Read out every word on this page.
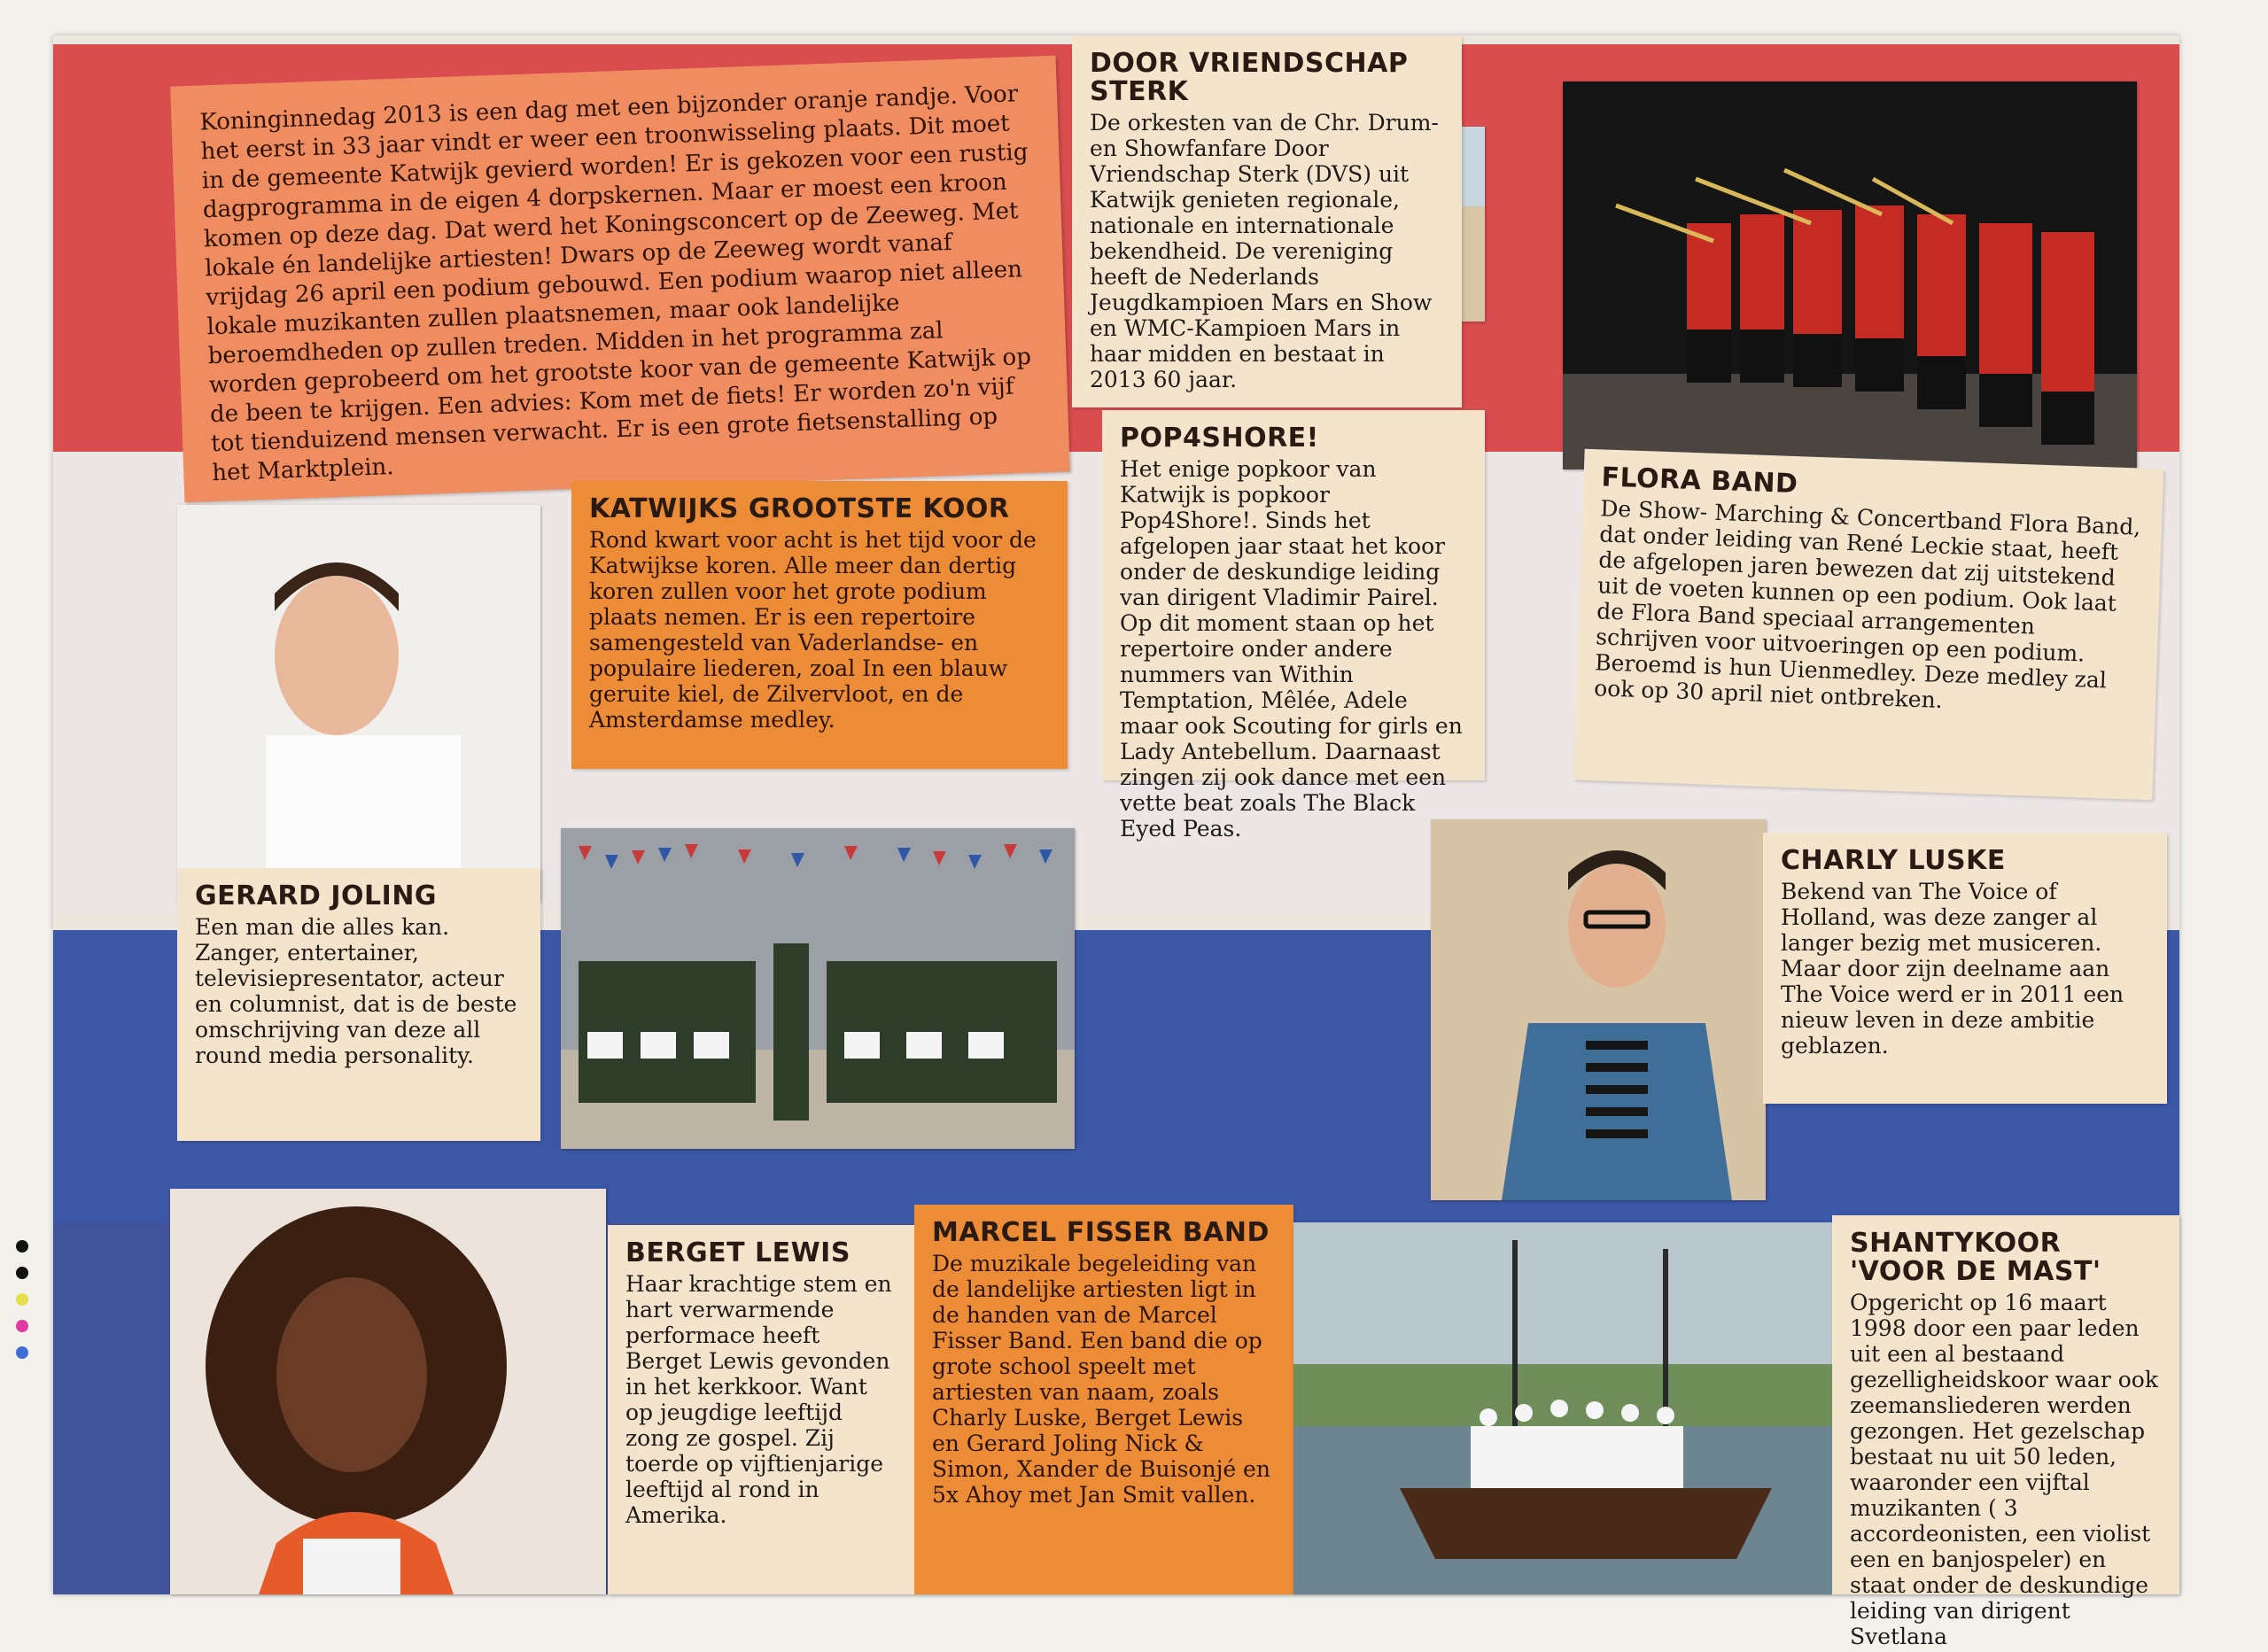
Koninginnedag 2013 is een dag met een bijzonder oranje randje. Voor het eerst in 33 jaar vindt er weer een troonwisseling plaats. Dit moet in de gemeente Katwijk gevierd worden! Er is gekozen voor een rustig dagprogramma in de eigen 4 dorpskernen. Maar er moest een kroon komen op deze dag. Dat werd het Koningsconcert op de Zeeweg. Met lokale én landelijke artiesten! Dwars op de Zeeweg wordt vanaf vrijdag 26 april een podium gebouwd. Een podium waarop niet alleen lokale muzikanten zullen plaatsnemen, maar ook landelijke beroemdheden op zullen treden. Midden in het programma zal worden geprobeerd om het grootste koor van de gemeente Katwijk op de been te krijgen. Een advies: Kom met de fiets! Er worden zo'n vijf tot tienduizend mensen verwacht. Er is een grote fietsenstalling op het Marktplein.

POP4SHORE!

Het enige popkoor van Katwijk is popkoor Pop4Shore!. Sinds het afgelopen jaar staat het koor onder de deskundige leiding van dirigent Vladimir Pairel. Op dit moment staan op het repertoire onder andere nummers van Within Temptation, Mêlée, Adele maar ook Scouting for girls en Lady Antebellum. Daarnaast zingen zij ook dance met een vette beat zoals The Black Eyed Peas.

FLORA BAND

De Show- Marching & Concertband Flora Band, dat onder leiding van René Leckie staat, heeft de afgelopen jaren bewezen dat zij uitstekend uit de voeten kunnen op een podium. Ook laat de Flora Band speciaal arrangementen schrijven voor uitvoeringen op een podium. Beroemd is hun Uienmedley. Deze medley zal ook op 30 april niet ontbreken.

KATWIJKS GROOTSTE KOOR

Rond kwart voor acht is het tijd voor de Katwijkse koren. Alle meer dan dertig koren zullen voor het grote podium plaats nemen. Er is een repertoire samengesteld van Vaderlandse- en populaire liederen, zoal In een blauw geruite kiel, de Zilvervloot, en de Amsterdamse medley.

GERARD JOLING

Een man die alles kan. Zanger, entertainer, televisiepresentator, acteur en columnist, dat is de beste omschrijving van deze all round media personality.

DOOR VRIENDSCHAP STERK

De orkesten van de Chr. Drum- en Showfanfare Door Vriendschap Sterk (DVS) uit Katwijk genieten regionale, nationale en internationale bekendheid. De vereniging heeft de Nederlands Jeugdkampioen Mars en Show en WMC-Kampioen Mars in haar midden en bestaat in 2013 60 jaar.

CHARLY LUSKE

Bekend van The Voice of Holland, was deze zanger al langer bezig met musiceren. Maar door zijn deelname aan The Voice werd er in 2011 een nieuw leven in deze ambitie geblazen.

BERGET LEWIS

Haar krachtige stem en hart verwarmende performace heeft Berget Lewis gevonden in het kerkkoor. Want op jeugdige leeftijd zong ze gospel. Zij toerde op vijftienjarige leeftijd al rond in Amerika.

MARCEL FISSER BAND

De muzikale begeleiding van de landelijke artiesten ligt in de handen van de Marcel Fisser Band. Een band die op grote school speelt met artiesten van naam, zoals Charly Luske, Berget Lewis en Gerard Joling Nick & Simon, Xander de Buisonjé en 5x Ahoy met Jan Smit vallen.

SHANTYKOOR 'VOOR DE MAST'

Opgericht op 16 maart 1998 door een paar leden uit een al bestaand gezelligheidskoor waar ook zeemansliederen werden gezongen. Het gezelschap bestaat nu uit 50 leden, waaronder een vijftal muzikanten ( 3 accordeonisten, een violist een en banjospeler) en staat onder de deskundige leiding van dirigent Svetlana
